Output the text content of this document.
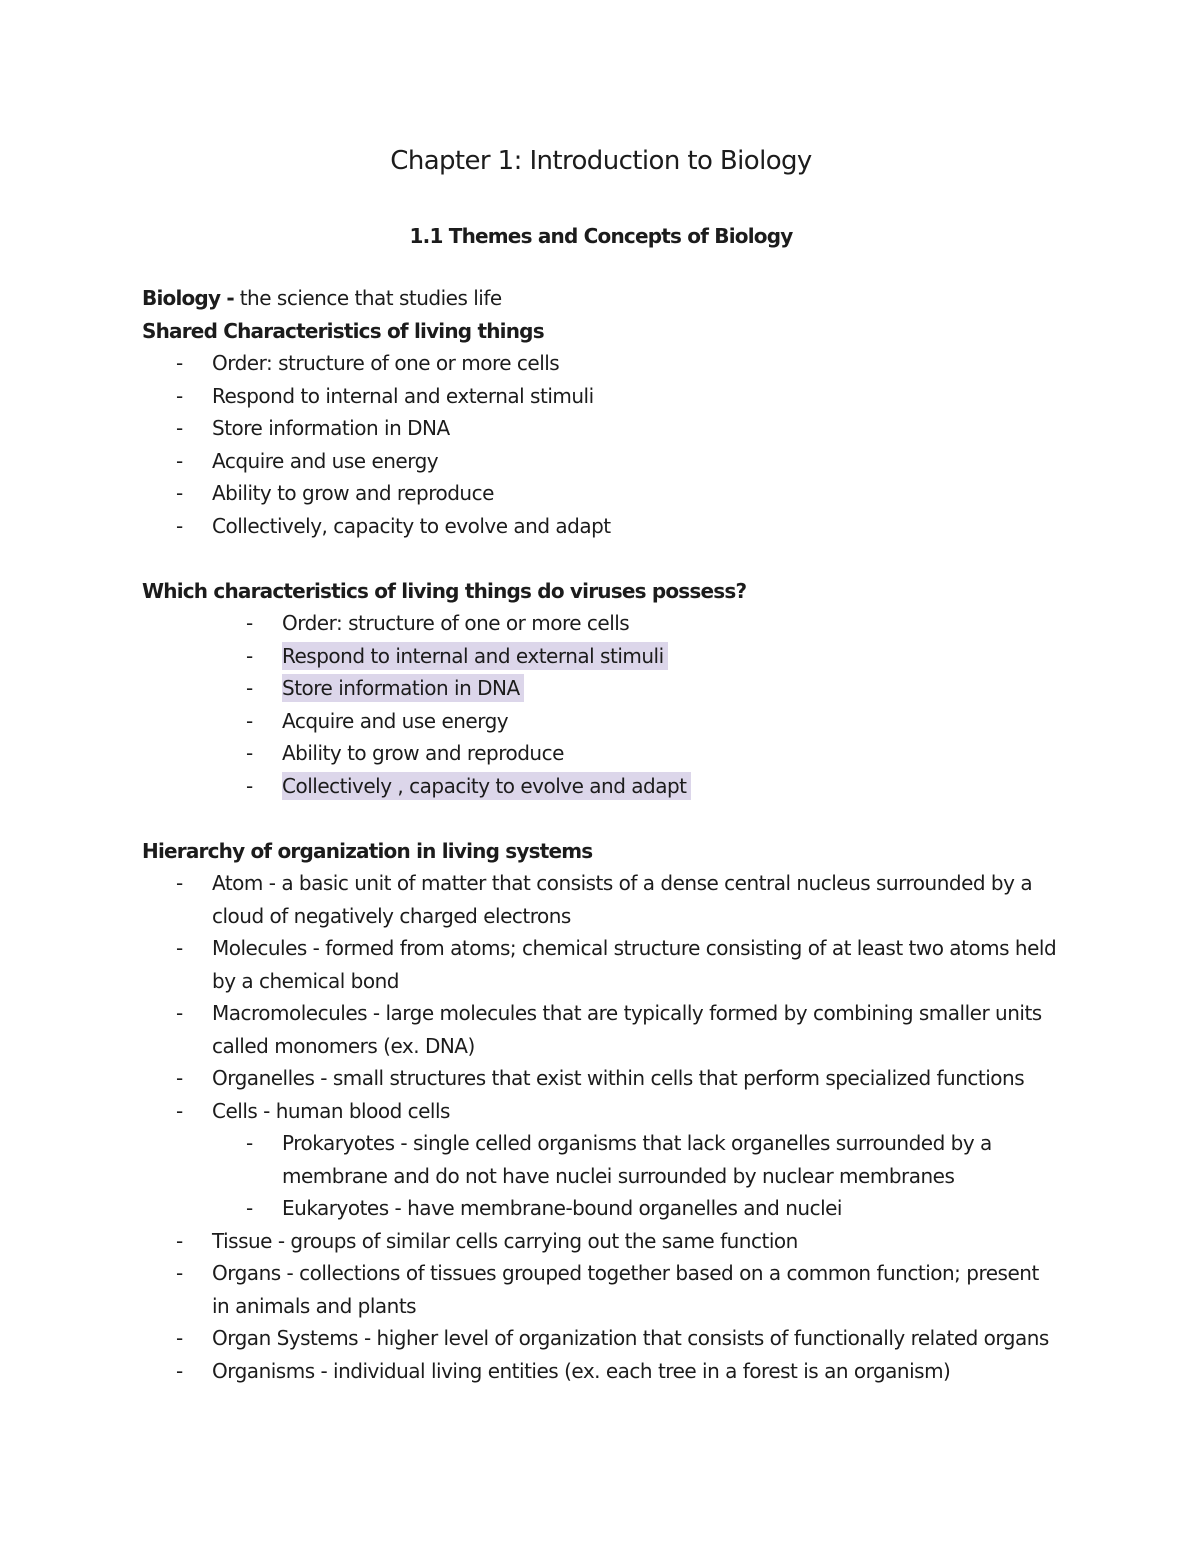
Chapter 1: Introduction to Biology
1.1 Themes and Concepts of Biology
Biology - the science that studies life
Shared Characteristics of living things
- Order: structure of one or more cells
- Respond to internal and external stimuli
- Store information in DNA
- Acquire and use energy
- Ability to grow and reproduce
- Collectively, capacity to evolve and adapt
Which characteristics of living things do viruses possess?
- Order: structure of one or more cells
- Respond to internal and external stimuli
- Store information in DNA
- Acquire and use energy
- Ability to grow and reproduce
- Collectively , capacity to evolve and adapt
Hierarchy of organization in living systems
- Atom - a basic unit of matter that consists of a dense central nucleus surrounded by a cloud of negatively charged electrons
- Molecules - formed from atoms; chemical structure consisting of at least two atoms held by a chemical bond
- Macromolecules - large molecules that are typically formed by combining smaller units called monomers (ex. DNA)
- Organelles - small structures that exist within cells that perform specialized functions
- Cells - human blood cells
- Prokaryotes - single celled organisms that lack organelles surrounded by a membrane and do not have nuclei surrounded by nuclear membranes
- Eukaryotes - have membrane-bound organelles and nuclei
- Tissue - groups of similar cells carrying out the same function
- Organs - collections of tissues grouped together based on a common function; present in animals and plants
- Organ Systems - higher level of organization that consists of functionally related organs
- Organisms - individual living entities (ex. each tree in a forest is an organism)
